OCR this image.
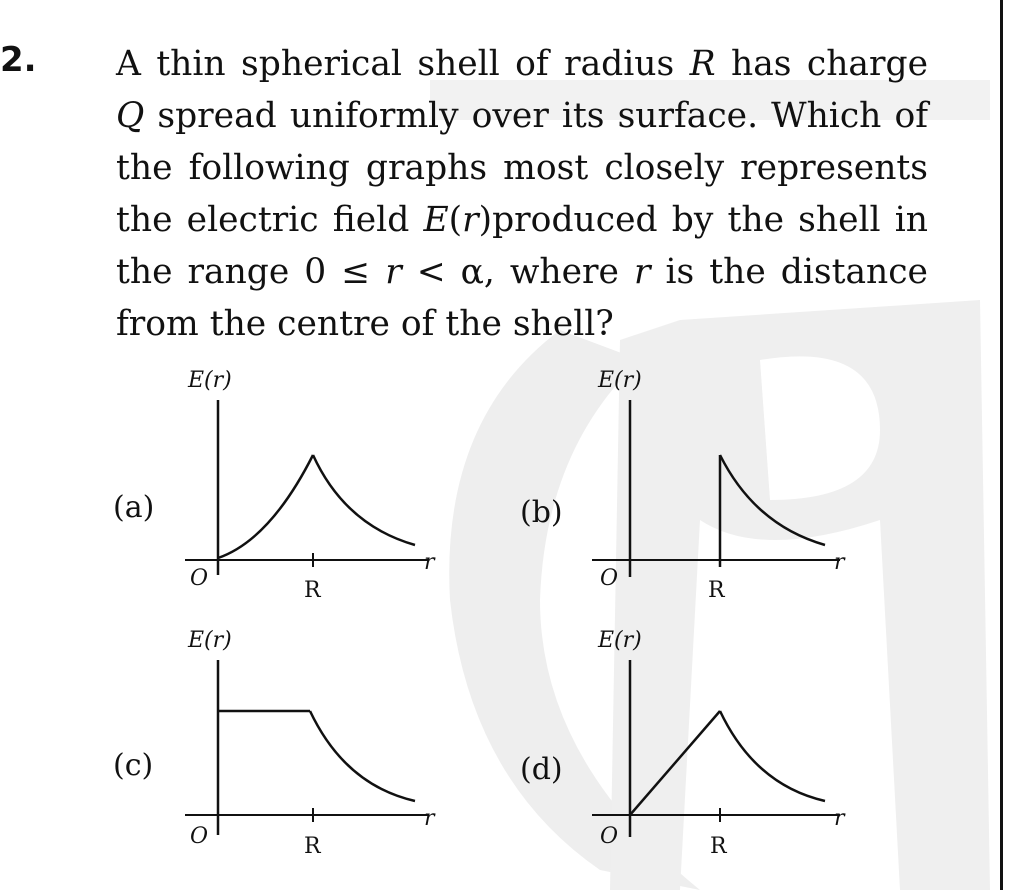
2. A thin spherical shell of radius R has charge Q spread uniformly over its surface. Which of the following graphs most closely represents the electric field E(r)produced by the shell in the range 0 ≤ r < α, where r is the distance from the centre of the shell?
(a)	(b)
(c)	(d)
E(r)
O	R
r
E(r)
O	R
r
E(r)
O	R
r
E(r)
O	R
r
